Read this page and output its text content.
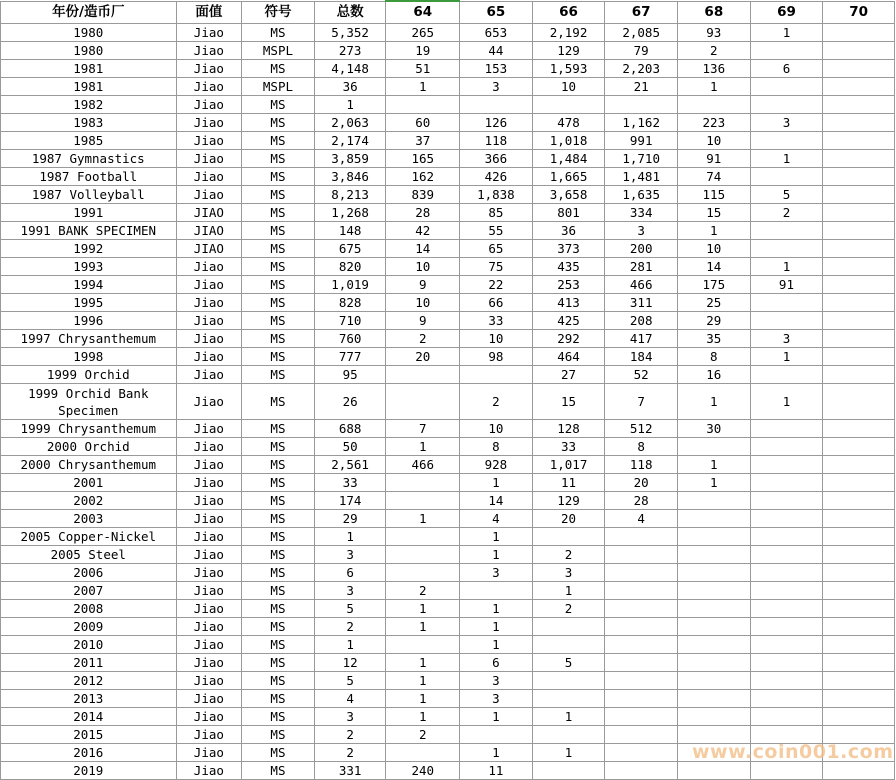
年份/造币厂	面值	符号	总数	64	65	66	67	68	69	70
1980	Jiao	MS	5,352	265	653	2,192	2,085	93	1	
1980	Jiao	MSPL	273	19	44	129	79	2		
1981	Jiao	MS	4,148	51	153	1,593	2,203	136	6	
1981	Jiao	MSPL	36	1	3	10	21	1		
1982	Jiao	MS	1							
1983	Jiao	MS	2,063	60	126	478	1,162	223	3	
1985	Jiao	MS	2,174	37	118	1,018	991	10		
1987 Gymnastics	Jiao	MS	3,859	165	366	1,484	1,710	91	1	
1987 Football	Jiao	MS	3,846	162	426	1,665	1,481	74		
1987 Volleyball	Jiao	MS	8,213	839	1,838	3,658	1,635	115	5	
1991	JIAO	MS	1,268	28	85	801	334	15	2	
1991 BANK SPECIMEN	JIAO	MS	148	42	55	36	3	1		
1992	JIAO	MS	675	14	65	373	200	10		
1993	Jiao	MS	820	10	75	435	281	14	1	
1994	Jiao	MS	1,019	9	22	253	466	175	91	
1995	Jiao	MS	828	10	66	413	311	25		
1996	Jiao	MS	710	9	33	425	208	29		
1997 Chrysanthemum	Jiao	MS	760	2	10	292	417	35	3	
1998	Jiao	MS	777	20	98	464	184	8	1	
1999 Orchid	Jiao	MS	95			27	52	16		
1999 Orchid Bank Specimen	Jiao	MS	26		2	15	7	1	1	
1999 Chrysanthemum	Jiao	MS	688	7	10	128	512	30		
2000 Orchid	Jiao	MS	50	1	8	33	8			
2000 Chrysanthemum	Jiao	MS	2,561	466	928	1,017	118	1		
2001	Jiao	MS	33		1	11	20	1		
2002	Jiao	MS	174		14	129	28			
2003	Jiao	MS	29	1	4	20	4			
2005 Copper-Nickel	Jiao	MS	1		1					
2005 Steel	Jiao	MS	3		1	2				
2006	Jiao	MS	6		3	3				
2007	Jiao	MS	3	2		1				
2008	Jiao	MS	5	1	1	2				
2009	Jiao	MS	2	1	1					
2010	Jiao	MS	1		1					
2011	Jiao	MS	12	1	6	5				
2012	Jiao	MS	5	1	3					
2013	Jiao	MS	4	1	3					
2014	Jiao	MS	3	1	1	1				
2015	Jiao	MS	2	2						
2016	Jiao	MS	2		1	1				
2019	Jiao	MS	331	240	11					
www.coin001.com
